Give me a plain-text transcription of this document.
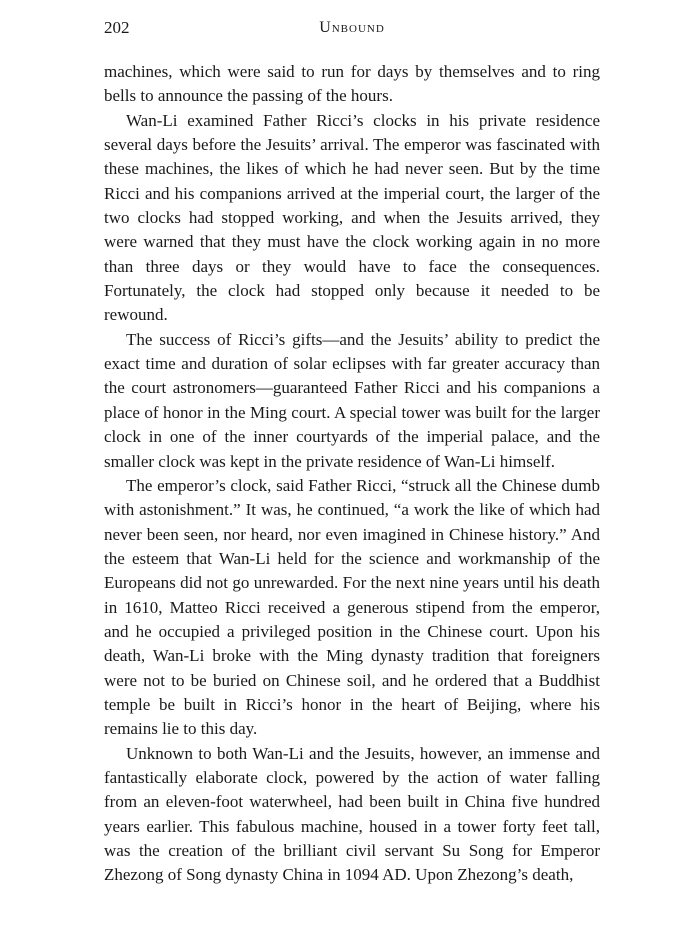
202	Unbound

machines, which were said to run for days by themselves and to ring bells to announce the passing of the hours.

Wan-Li examined Father Ricci’s clocks in his private residence several days before the Jesuits’ arrival. The emperor was fascinated with these machines, the likes of which he had never seen. But by the time Ricci and his companions arrived at the imperial court, the larger of the two clocks had stopped working, and when the Jesuits arrived, they were warned that they must have the clock working again in no more than three days or they would have to face the consequences. Fortunately, the clock had stopped only because it needed to be rewound.

The success of Ricci’s gifts—and the Jesuits’ ability to predict the exact time and duration of solar eclipses with far greater accuracy than the court astronomers—guaranteed Father Ricci and his companions a place of honor in the Ming court. A special tower was built for the larger clock in one of the inner courtyards of the imperial palace, and the smaller clock was kept in the private residence of Wan-Li himself.

The emperor’s clock, said Father Ricci, “struck all the Chinese dumb with astonishment.” It was, he continued, “a work the like of which had never been seen, nor heard, nor even imagined in Chinese history.” And the esteem that Wan-Li held for the science and workmanship of the Europeans did not go unrewarded. For the next nine years until his death in 1610, Matteo Ricci received a generous stipend from the emperor, and he occupied a privileged position in the Chinese court. Upon his death, Wan-Li broke with the Ming dynasty tradition that foreigners were not to be buried on Chinese soil, and he ordered that a Buddhist temple be built in Ricci’s honor in the heart of Beijing, where his remains lie to this day.

Unknown to both Wan-Li and the Jesuits, however, an immense and fantastically elaborate clock, powered by the action of water falling from an eleven-foot waterwheel, had been built in China five hundred years earlier. This fabulous machine, housed in a tower forty feet tall, was the creation of the brilliant civil servant Su Song for Emperor Zhezong of Song dynasty China in 1094 AD. Upon Zhezong’s death,
